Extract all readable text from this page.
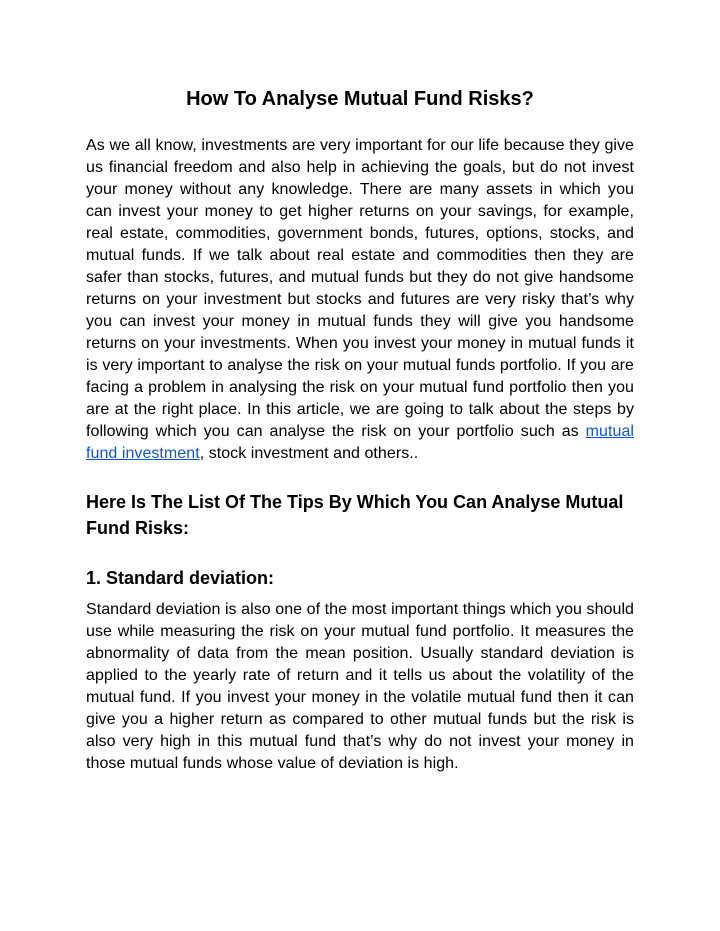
How To Analyse Mutual Fund Risks?

As we all know, investments are very important for our life because they give us financial freedom and also help in achieving the goals, but do not invest your money without any knowledge. There are many assets in which you can invest your money to get higher returns on your savings, for example, real estate, commodities, government bonds, futures, options, stocks, and mutual funds. If we talk about real estate and commodities then they are safer than stocks, futures, and mutual funds but they do not give handsome returns on your investment but stocks and futures are very risky that’s why you can invest your money in mutual funds they will give you handsome returns on your investments. When you invest your money in mutual funds it is very important to analyse the risk on your mutual funds portfolio. If you are facing a problem in analysing the risk on your mutual fund portfolio then you are at the right place. In this article, we are going to talk about the steps by following which you can analyse the risk on your portfolio such as mutual fund investment, stock investment and others..

Here Is The List Of The Tips By Which You Can Analyse Mutual Fund Risks:
1. Standard deviation:

Standard deviation is also one of the most important things which you should use while measuring the risk on your mutual fund portfolio. It measures the abnormality of data from the mean position. Usually standard deviation is applied to the yearly rate of return and it tells us about the volatility of the mutual fund. If you invest your money in the volatile mutual fund then it can give you a higher return as compared to other mutual funds but the risk is also very high in this mutual fund that’s why do not invest your money in those mutual funds whose value of deviation is high.
